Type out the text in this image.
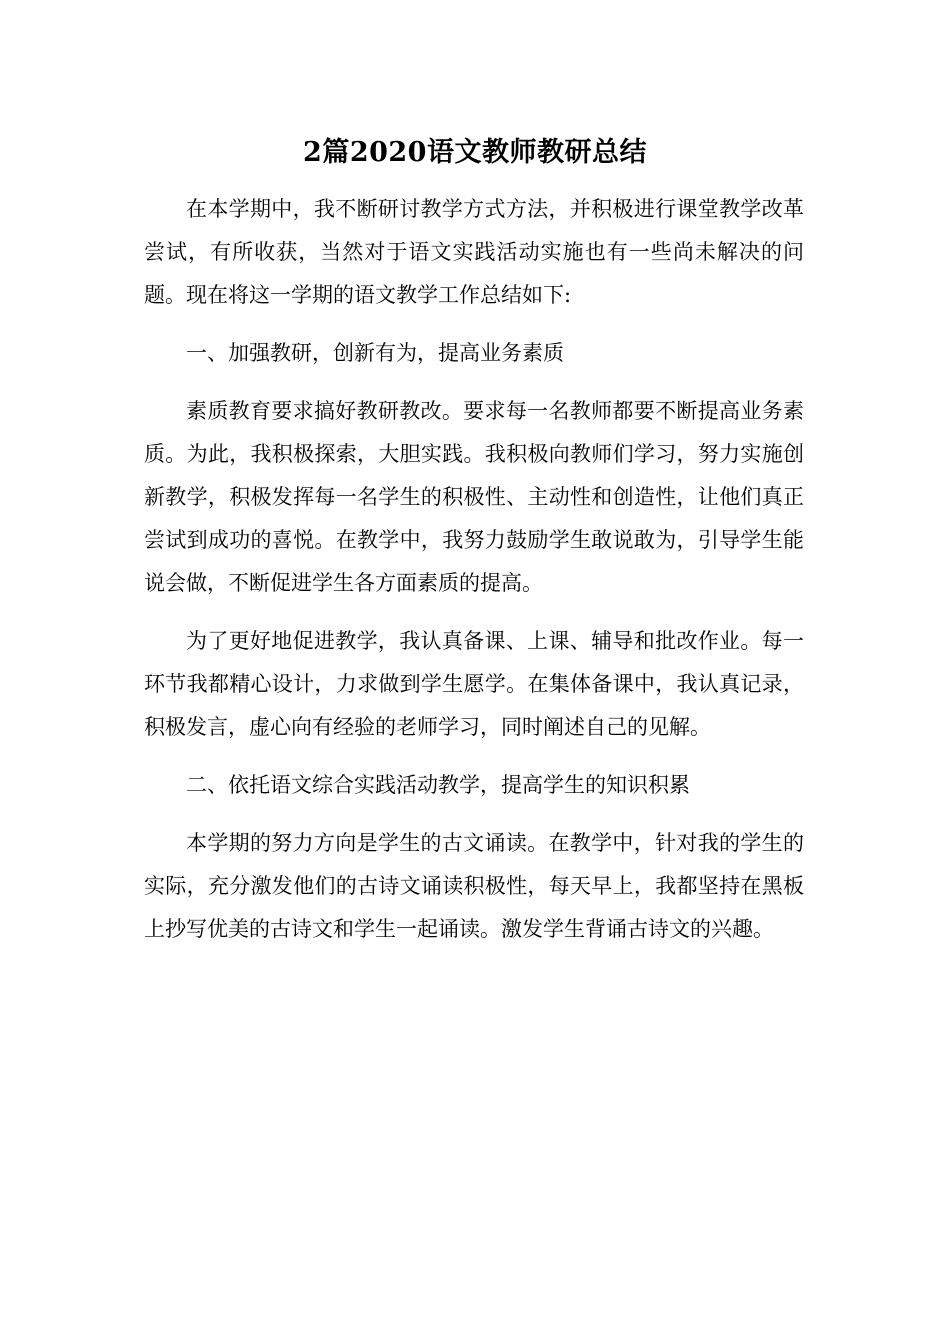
2篇2020语文教师教研总结

在本学期中，我不断研讨教学方式方法，并积极进行课堂教学改革尝试，有所收获，当然对于语文实践活动实施也有一些尚未解决的问题。现在将这一学期的语文教学工作总结如下:

一、加强教研，创新有为，提高业务素质

素质教育要求搞好教研教改。要求每一名教师都要不断提高业务素质。为此，我积极探索，大胆实践。我积极向教师们学习，努力实施创新教学，积极发挥每一名学生的积极性、主动性和创造性，让他们真正尝试到成功的喜悦。在教学中，我努力鼓励学生敢说敢为，引导学生能说会做，不断促进学生各方面素质的提高。

为了更好地促进教学，我认真备课、上课、辅导和批改作业。每一环节我都精心设计，力求做到学生愿学。在集体备课中，我认真记录，积极发言，虚心向有经验的老师学习，同时阐述自己的见解。

二、依托语文综合实践活动教学，提高学生的知识积累

本学期的努力方向是学生的古文诵读。在教学中，针对我的学生的实际，充分激发他们的古诗文诵读积极性，每天早上，我都坚持在黑板上抄写优美的古诗文和学生一起诵读。激发学生背诵古诗文的兴趣。
